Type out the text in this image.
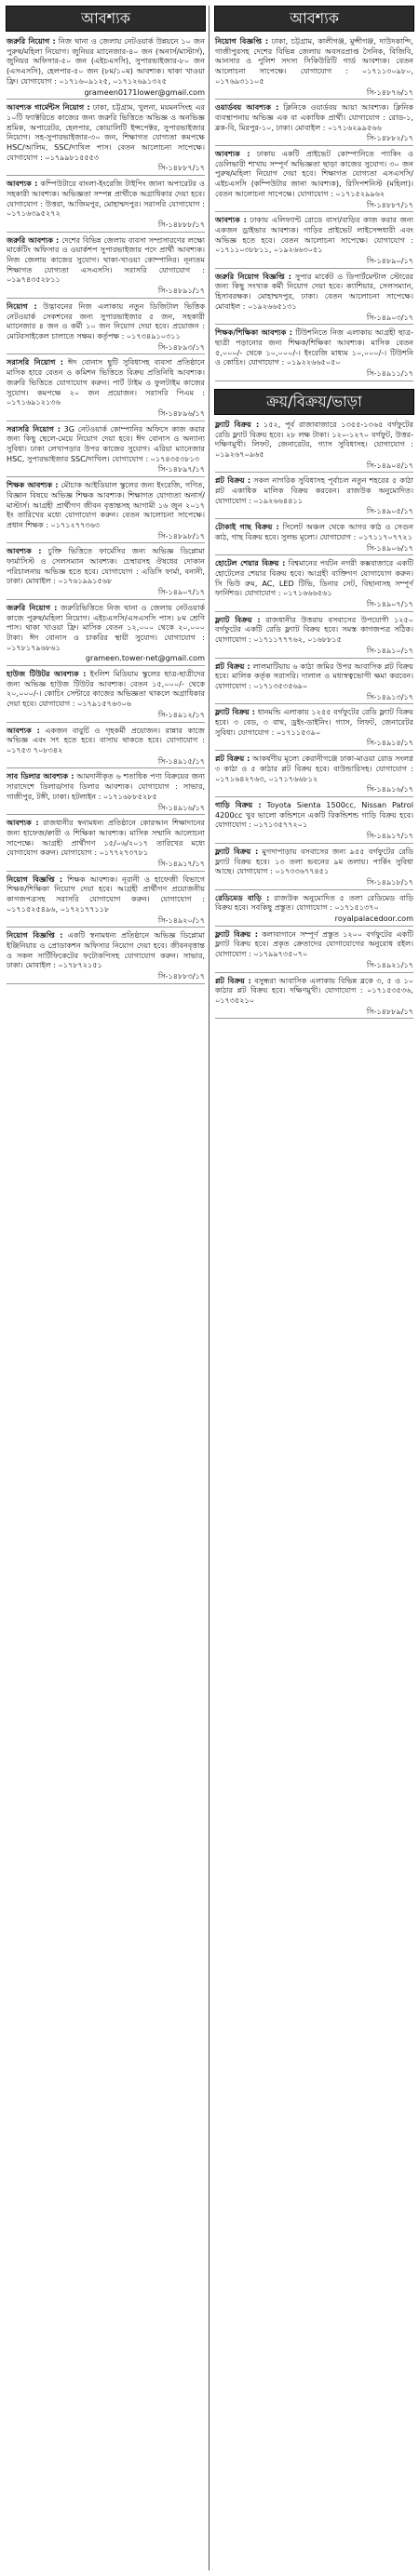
আবশ্যক
জরুরি নিয়োগ : নিজ থানা ও জেলায় নেটওয়ার্ক উন্নয়নে ১০ জন পুরুষ/মহিলা নিয়োগ। জুনিয়র ম্যানেজার-৪০ জন (অনার্স/মাস্টার্স), জুনিয়র অফিসার-৫০ জন (এইচএসসি), সুপারভাইজার-৮০ জন (এসএসসি), হেলপার-৫০ জন (৮ম/১০ম) আবশ্যক। থাকা খাওয়া ফ্রি। যোগাযোগ : ০১৭১৬০৯১২৫, ০১৭১২৬৯১৩২৫
grameen0171lower@gmail.com
আবশ্যক গার্মেন্টস নিয়োগ : ঢাকা, চট্টগ্রাম, খুলনা, ময়মনসিংহ এর ১০টি ফ্যাক্টরিতে কাজের জন্য জরুরি ভিত্তিতে অভিজ্ঞ ও অনভিজ্ঞ শ্রমিক, অপারেটর, হেলপার, কোয়ালিটি ইন্সপেক্টর, সুপারভাইজার নিয়োগ। সহ-সুপারভাইজার-৩০ জন, শিক্ষাগত যোগ্যতা কমপক্ষে HSC/আলিম, SSC/দাখিল পাস। বেতন আলোচনা সাপেক্ষে। যোগাযোগ : ০১৭৯৯৮১৫৫৫৩
সি-১৪৮৮৭/১৭
আবশ্যক : কম্পিউটারে বাংলা-ইংরেজি টাইপিং জানা অপারেটর ও সহকারী আবশ্যক। অভিজ্ঞতা সম্পন্ন প্রার্থীকে অগ্রাধিকার দেয়া হবে। যোগাযোগ : উত্তরা, আজিমপুর, মোহাম্মদপুর। সরাসরি যোগাযোগ : ০১৭১৬৩৯৫২৭২
সি-১৪৮৮৮/১৭
জরুরি আবশ্যক : দেশের বিভিন্ন জেলায় ব্যবসা সম্প্রসারণের লক্ষ্যে মার্কেটিং অফিসার ও ওয়ার্কশপ সুপারভাইজার পদে প্রার্থী আবশ্যক। নিজ জেলায় কাজের সুযোগ। থাকা-খাওয়া কোম্পানির। নূন্যতম শিক্ষাগত যোগ্যতা এসএসসি। সরাসরি যোগাযোগ : ০১৯৭৪৩৫২৮১১
সি-১৪৮৯১/১৭
নিয়োগ : উদ্ভাবনের নিজ এলাকায় নতুন ডিজিটাল ভিত্তিক নেটওয়ার্ক সেকশনের জন্য সুপারভাইজার ৫ জন, সহকারী ম্যানেজার ৪ জন ও কর্মী ১০ জন নিয়োগ দেয়া হবে। প্রয়োজন : মোটরসাইকেল চালাতে সক্ষম। কর্তৃপক্ষ : ০১৭৩৪৯১০৩১১
সি-১৪৮৯৩/১৭
সরাসরি নিয়োগ : ঈদ বোনাস ছুটি সুবিধাসহ ব্যবসা প্রতিষ্ঠানে মাসিক হারে বেতন ও কমিশন ভিত্তিতে বিক্রয় প্রতিনিধি আবশ্যক। জরুরি ভিত্তিতে যোগাযোগ করুন। পার্ট টাইম ও ফুলটাইম কাজের সুযোগ। কমপক্ষে ২০ জন প্রয়োজন। সরাসরি পিএম : ০১৭১৬৯১২১৩৬
সি-১৪৮৯৬/১৭
সরাসরি নিয়োগ : 3G নেটওয়ার্ক কোম্পানির অফিসে কাজ করার জন্য কিছু ছেলে-মেয়ে নিয়োগ দেয়া হবে। ঈদ বোনাস ও অন্যান্য সুবিধা। ঢাকা লেখাপড়ার উপর কাজের সুযোগ। এরিয়া ম্যানেজার HSC, সুপারভাইজার SSC/দাখিল। যোগাযোগ : ০১৭৪৩৫৩৮১৩
সি-১৪৮৯৭/১৭
শিক্ষক আবশ্যক : মৌচাক আইডিয়াল স্কুলের জন্য ইংরেজি, গণিত, বিজ্ঞান বিষয়ে অভিজ্ঞ শিক্ষক আবশ্যক। শিক্ষাগত যোগ্যতা অনার্স/মাস্টার্স। আগ্রহী প্রার্থীগণ জীবন বৃত্তান্তসহ আগামী ১৬ জুন ২০১৭ ইং তারিখের মধ্যে যোগাযোগ করুন। বেতন আলোচনা সাপেক্ষে। প্রধান শিক্ষক : ০১৭১২৭৭৩৬৩
সি-১৪৮৯৮/১৭
আবশ্যক : চুক্তি ভিত্তিতে ফার্মেসির জন্য অভিজ্ঞ ডিপ্লোমা ফার্মাসিস্ট ও সেলসম্যান আবশ্যক। চেম্বারসহ ঔষধের দোকান পরিচালনায় অভিজ্ঞ হতে হবে। যোগাযোগ : এডিসি ফার্মা, বনানী, ঢাকা। মোবাইল : ০১৭৬১৯৯১৫৬৮
সি-১৪৯০৭/১৭
জরুরি নিয়োগ : জরুরিভিত্তিতে নিজ থানা ও জেলায় নেটওয়ার্ক কাজে পুরুষ/মহিলা নিয়োগ। এইচএসসি/এসএসসি পাস। ৮ম শ্রেণি পাস। থাকা খাওয়া ফ্রি। মাসিক বেতন ১২,০০০ থেকে ২০,০০০ টাকা। ঈদ বোনাস ও চাকরির স্থায়ী সুযোগ। যোগাযোগ : ০১৭৮১৭৯৬৮৬১
grameen.tower-net@gmail.com
হাউজ টিউটর আবশ্যক : ইংলিশ মিডিয়াম স্কুলের ছাত্র-ছাত্রীদের জন্য অভিজ্ঞ হাউজ টিউটর আবশ্যক। বেতন ১৫,০০০/- থেকে ২০,০০০/-। কোচিং সেন্টারে কাজের অভিজ্ঞতা থাকলে অগ্রাধিকার দেয়া হবে। যোগাযোগ : ০১৭৯১৫৭৬৩০৬
সি-১৪৯১২/১৭
আবশ্যক : একজন বাবুর্চি ও গৃহকর্মী প্রয়োজন। রান্নার কাজে অভিজ্ঞ এবং সৎ হতে হবে। বাসায় থাকতে হবে। যোগাযোগ : ০১৭৫৩ ৭০৮৩৪২
সি-১৪৯১৫/১৭
সাব ডিলার আবশ্যক : আমদানীকৃত ৬ শতাধিক পণ্য বিক্রয়ের জন্য সারাদেশে ডিলার/সাব ডিলার আবশ্যক। যোগাযোগ : সাভার, গাজীপুর, টঙ্গী, ঢাকা। হটলাইন : ০১৭১৬৮৮৫২৮৫
সি-১৪৯১৬/১৭
আবশ্যক : রাজধানীর স্বনামধন্য প্রতিষ্ঠানে কোরআন শিক্ষাদানের জন্য হাফেজ/ক্বারী ও শিক্ষিকা আবশ্যক। মাসিক সম্মানি আলোচনা সাপেক্ষে। আগ্রহী প্রার্থীগণ ১৫/০৬/২০১৭ তারিখের মধ্যে যোগাযোগ করুন। যোগাযোগ : ০১৭৭২৭৩৭৮১
সি-১৪৯১৭/১৭
নিয়োগ বিজ্ঞপ্তি : শিক্ষক আবশ্যক। নূরানী ও হাফেজী বিভাগে শিক্ষক/শিক্ষিকা নিয়োগ দেয়া হবে। আগ্রহী প্রার্থীগণ প্রয়োজনীয় কাগজপত্রসহ সরাসরি যোগাযোগ করুন। যোগাযোগ : ০১৭১৫২৫৪৯৬, ০১৭২১৭৭১১৮
সি-১৪৯২০/১৭
নিয়োগ বিজ্ঞপ্তি : একটি স্বনামধন্য প্রতিষ্ঠানে অভিজ্ঞ ডিপ্লোমা ইঞ্জিনিয়ার ও প্রোডাকশন অফিসার নিয়োগ দেয়া হবে। জীবনবৃত্তান্ত ও সকল সার্টিফিকেটের ফটোকপিসহ যোগাযোগ করুন। সাভার, ঢাকা। মোবাইল : ০১৭৮৭২১৫১
সি-১৪৮৮৩/১৭
আবশ্যক
নিয়োগ বিজ্ঞপ্তি : ঢাকা, চট্টগ্রাম, কালীগঞ্জ, মুন্সীগঞ্জ, দাউদকান্দি, গাজীপুরসহ দেশের বিভিন্ন জেলায় অবসরপ্রাপ্ত সৈনিক, বিজিবি, আনসার ও পুলিশ সদস্য সিকিউরিটি গার্ড আবশ্যক। বেতন আলোচনা সাপেক্ষে। যোগাযোগ : ০১৭১১৩০৯৮০, ০১৭৬৯৩১১০৫
সি-১৪৮৭৬/১৭
ওয়ার্ডবয় আবশ্যক : ক্লিনিকে ওয়ার্ডবয় আয়া আবশ্যক। ক্লিনিক ব্যবস্থাপনায় অভিজ্ঞ এক বা একাধিক প্রার্থী। যোগাযোগ : রোড-১, ব্লক-বি, মিরপুর-১০, ঢাকা। মোবাইল : ০১৭১৬২৯৯৫৬৬
সি-১৪৮৮২/১৭
আবশ্যক : ঢাকায় একটি প্রাইভেট কোম্পানিতে প্যাকিং ও ডেলিভারী শাখায় সম্পূর্ণ অভিজ্ঞতা ছাড়া কাজের সুযোগ। ৩০ জন পুরুষ/মহিলা নিয়োগ দেয়া হবে। শিক্ষাগত যোগ্যতা এসএসসি/এইচএসসি (কম্পিউটার জানা আবশ্যক), রিসিপশনিস্ট (মহিলা)। বেতন আলোচনা সাপেক্ষে। যোগাযোগ : ০১৭১৫২৯৯৬২
সি-১৪৮৮৭/১৭
আবশ্যক : ঢাকায় এলিফ্যান্ট রোডে বাসা/বাড়ির কাজ করার জন্য একজন ড্রাইভার আবশ্যক। গাড়ির প্রাইভেট লাইসেন্সধারী এবং অভিজ্ঞ হতে হবে। বেতন আলোচনা সাপেক্ষে। যোগাযোগ : ০১৭১১০৩৮৮১১, ০১৯২৬৬৩০৫১
সি-১৪৮৯০/১৭
জরুরি নিয়োগ বিজ্ঞপ্তি : সুপার মার্কেট ও ডিপার্টমেন্টাল স্টোরের জন্য কিছু সংখ্যক কর্মী নিয়োগ দেয়া হবে। ক্যাশিয়ার, সেলসম্যান, হিসাবরক্ষক। মোহাম্মদপুর, ঢাকা। বেতন আলোচনা সাপেক্ষে। মোবাইল : ০১৯২৬৬৫১৩১
সি-১৪৯০৩/১৭
শিক্ষক/শিক্ষিকা আবশ্যক : টিউশনিতে নিজ এলাকায় আগ্রহী ছাত্র-ছাত্রী পড়ানোর জন্য শিক্ষক/শিক্ষিকা আবশ্যক। মাসিক বেতন ৫,০০০/- থেকে ১০,০০০/-। ইংরেজি মাধ্যম ১০,০০০/-। টিউশনি ও কোচিং। যোগাযোগ : ০১৯২২৬৬৫০৫০
সি-১৪৯১১/১৭
ক্রয়/বিক্রয়/ভাড়া
ফ্ল্যাট বিক্রয় : ১৫২, পূর্ব রাজাবাজারে ১৩৫৫-১৩৬৫ বর্গফুটের রেডি ফ্ল্যাট বিক্রয় হবে। ২৮ লক্ষ টাকা। ১২০-১২৭০ বর্গফুট, উত্তর-দক্ষিণমুখী। লিফট, জেনারেটর, গ্যাস সুবিধাসহ। যোগাযোগ : ০১৯২৬৭০৯৬৫
সি-১৪৯০৪/১৭
প্লট বিক্রয় : সকল নাগরিক সুবিধাসহ পূর্বাচল নতুন শহরের ৫ কাঠা প্লট একাধিক মালিক বিক্রয় করবেন। রাজউক অনুমোদিত। যোগাযোগ : ০১৯২৬৬৪৪১১
সি-১৪৯০৫/১৭
টোকাই গাছ বিক্রয় : সিলেট অঞ্চল থেকে আগর কাঠ ও সেগুন কাঠ, গাছ বিক্রয় হবে। সুলভ মূল্যে। যোগাযোগ : ০১৭১১৭০৭৭২১
সি-১৪৯০৬/১৭
হোটেল শেয়ার বিক্রয় : বিশ্বমানের পর্যটন নগরী কক্সবাজারে একটি হোটেলের শেয়ার বিক্রয় হবে। আগ্রহী ব্যক্তিগণ যোগাযোগ করুন। সি ভিউ রুম, AC, LED টিভি, ডিনার সেট, বিছানাসহ সম্পূর্ণ ফার্নিশড। যোগাযোগ : ০১৭১৬৬৬৫৬১
সি-১৪৯০৭/১৭
ফ্ল্যাট বিক্রয় : রাজধানীর উত্তরায় বসবাসের উপযোগী ১২৫০ বর্গফুটের একটি রেডি ফ্ল্যাট বিক্রয় হবে। সমস্ত কাগজপত্র সঠিক। যোগাযোগ : ০১৭১১৭৭৭৬২, ০১৬৮৮১৫
সি-১৪৯১০/১৭
প্লট বিক্রয় : লালমাটিয়ায় ৬ কাঠা জমির উপর আবাসিক প্লট বিক্রয় হবে। মালিক কর্তৃক সরাসরি। দালাল ও মধ্যস্বত্বভোগী ক্ষমা করবেন। যোগাযোগ : ০১৭১৩৫৩৫৬৯০
সি-১৪৯১৩/১৭
ফ্ল্যাট বিক্রয় : ধানমন্ডি এলাকায় ১২৫৫ বর্গফুটের রেডি ফ্ল্যাট বিক্রয় হবে। ৩ বেড, ৩ বাথ, ড্রইং-ডাইনিং। গ্যাস, লিফট, জেনারেটর সুবিধা। যোগাযোগ : ০১৭১১৫৩৯০
সি-১৪৯১৪/১৭
প্লট বিক্রয় : আকর্ষণীয় মূল্যে কেরানীগঞ্জে ঢাকা-মাওয়া রোড সংলগ্ন ৩ কাঠা ও ৫ কাঠার প্লট বিক্রয় হবে। বাউন্ডারিসহ। যোগাযোগ : ০১৭১৬৪২৭৬৩, ০১৭১৭৬৬৮১২
সি-১৪৯১৬/১৭
গাড়ি বিক্রয় : Toyota Sienta 1500cc, Nissan Patrol 4200cc খুব ভালো কন্ডিশনে একটি রিকন্ডিশন্ড গাড়ি বিক্রয় হবে। যোগাযোগ : ০১৭১৩৫৭৭২০১
সি-১৪৯১৭/১৭
ফ্ল্যাট বিক্রয় : মুগদাপাড়ায় বসবাসের জন্য ৯৫৫ বর্গফুটের রেডি ফ্ল্যাট বিক্রয় হবে। ১৩ তলা ভবনের ৯ম তলায়। পার্কিং সুবিধা আছে। যোগাযোগ : ০১৭৩৩৬৭৭৪৫১
সি-১৪৯১৮/১৭
রেডিমেড বাড়ি : রাজউক অনুমোদিত ৫ তলা রেডিমেড বাড়ি বিক্রয় হবে। সবকিছু প্রস্তুত। যোগাযোগ : ০১৭১৫১৩৭০
royalpalacedoor.com
ফ্ল্যাট বিক্রয় : কলাবাগানে সম্পূর্ণ প্রস্তুত ১২০০ বর্গফুটের একটি ফ্ল্যাট বিক্রয় হবে। প্রকৃত ক্রেতাদের যোগাযোগের অনুরোধ রইল। যোগাযোগ : ০১৭৯৯৭৩৫০৭০
সি-১৪৯২১/১৭
প্লট বিক্রয় : বসুন্ধরা আবাসিক এলাকায় বিভিন্ন ব্লকে ৩, ৫ ও ১০ কাঠার প্লট বিক্রয় হবে। দক্ষিণমুখী। যোগাযোগ : ০১৭১৫৩৫৩৬, ০১৭৩৫২১০
সি-১৪৮৮৯/১৭
